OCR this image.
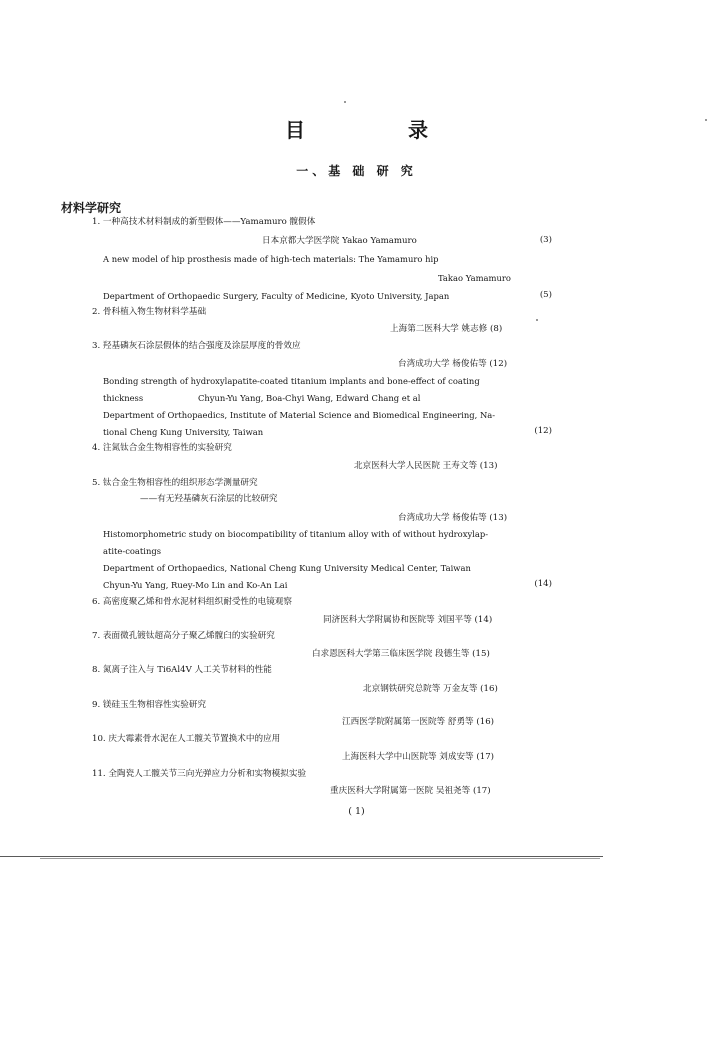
目 录
一、基 础 研 究
材料学研究
1. 一种高技术材料制成的新型假体——Yamamuro 髋假体
日本京都大学医学院 Yakao Yamamuro	(3)
A new model of hip prosthesis made of high-tech materials: The Yamamuro hip
Takao Yamamuro
Department of Orthopaedic Surgery, Faculty of Medicine, Kyoto University, Japan	(5)
2. 骨科植入物生物材料学基础
上海第二医科大学 姚志修 (8)
3. 羟基磷灰石涂层假体的结合强度及涂层厚度的骨效应
台湾成功大学 杨俊佑等 (12)
Bonding strength of hydroxylapatite-coated titanium implants and bone-effect of coating
thickness	Chyun-Yu Yang, Boa-Chyi Wang, Edward Chang et al
Department of Orthopaedics, Institute of Material Science and Biomedical Engineering, Na-
tional Cheng Kung University, Taiwan	(12)
4. 注氮钛合金生物相容性的实验研究
北京医科大学人民医院 王寿文等 (13)
5. 钛合金生物相容性的组织形态学测量研究
——有无羟基磷灰石涂层的比较研究
台湾成功大学 杨俊佑等 (13)
Histomorphometric study on biocompatibility of titanium alloy with of without hydroxylap-
atite-coatings
Department of Orthopaedics, National Cheng Kung University Medical Center, Taiwan
Chyun-Yu Yang, Ruey-Mo Lin and Ko-An Lai	(14)
6. 高密度聚乙烯和骨水泥材料组织耐受性的电镜观察
同济医科大学附属协和医院等 刘国平等 (14)
7. 表面微孔镀钛超高分子聚乙烯髋臼的实验研究
白求恩医科大学第三临床医学院 段德生等 (15)
8. 氮离子注入与 Ti6Al4V 人工关节材料的性能
北京钢铁研究总院等 万金友等 (16)
9. 镁硅玉生物相容性实验研究
江西医学院附属第一医院等 舒勇等 (16)
10. 庆大霉素骨水泥在人工髋关节置换术中的应用
上海医科大学中山医院等 刘成安等 (17)
11. 全陶瓷人工髋关节三向光弹应力分析和实物模拟实验
重庆医科大学附属第一医院 吴祖尧等 (17)
( 1)
